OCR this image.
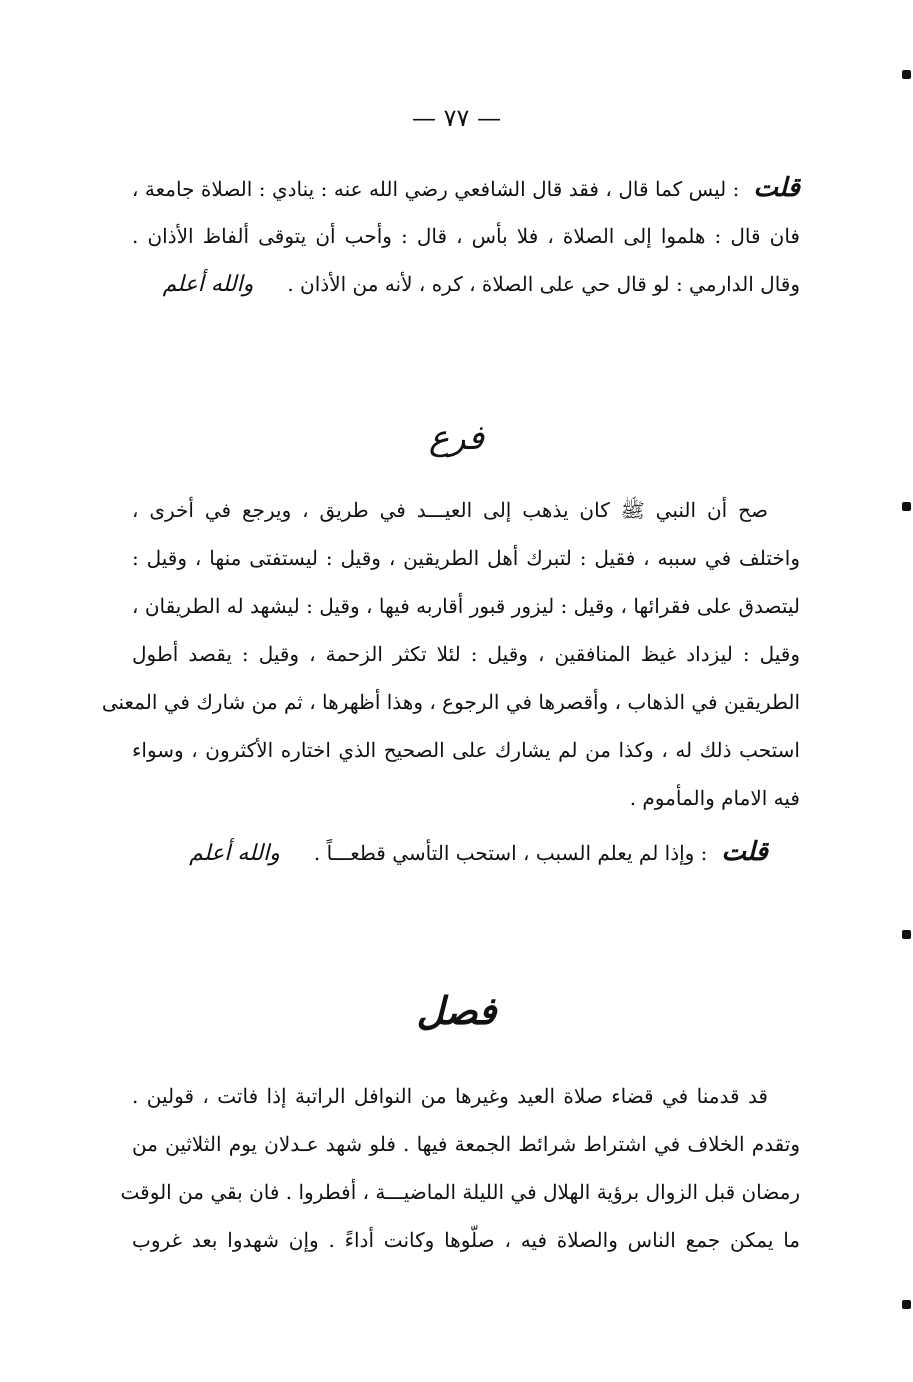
— ٧٧ —
قلت: ليس كما قال ، فقد قال الشافعي رضي الله عنه : ينادي : الصلاة جامعة ،
فان قال : هلموا إلى الصلاة ، فلا بأس ، قال : وأحب أن يتوقى ألفاظ الأذان .
وقال الدارمي : لو قال حي على الصلاة ، كره ، لأنه من الأذان .والله أعلم
فرع
صح أن النبي ﷺ كان يذهب إلى العيـــد في طريق ، ويرجع في أخرى ،
واختلف في سببه ، فقيل : لتبرك أهل الطريقين ، وقيل : ليستفتى منها ، وقيل :
ليتصدق على فقرائها ، وقيل : ليزور قبور أقاربه فيها ، وقيل : ليشهد له الطريقان ،
وقيل : ليزداد غيظ المنافقين ، وقيل : لئلا تكثر الزحمة ، وقيل : يقصد أطول
الطريقين في الذهاب ، وأقصرها في الرجوع ، وهذا أظهرها ، ثم من شارك في المعنى
استحب ذلك له ، وكذا من لم يشارك على الصحيح الذي اختاره الأكثرون ، وسواء
فيه الامام والمأموم .
قلت: وإذا لم يعلم السبب ، استحب التأسي قطعـــاً .والله أعلم
فصل
قد قدمنا في قضاء صلاة العيد وغيرها من النوافل الراتبة إذا فاتت ، قولين .
وتقدم الخلاف في اشتراط شرائط الجمعة فيها . فلو شهد عـدلان يوم الثلاثين من
رمضان قبل الزوال برؤية الهلال في الليلة الماضيـــة ، أفطروا . فان بقي من الوقت
ما يمكن جمع الناس والصلاة فيه ، صلّوها وكانت أداءً . وإن شهدوا بعد غروب
